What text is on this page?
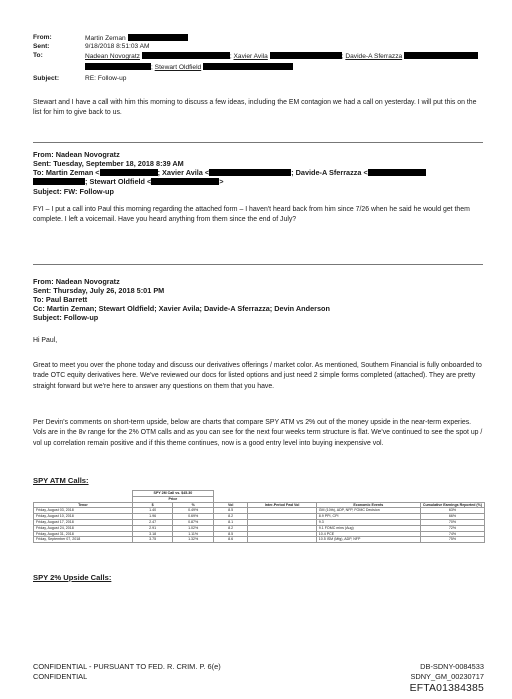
From:	Martin Zeman
Sent:	9/18/2018 8:51:03 AM
To:	Nadean Novogratz	; Xavier Avila	; Davide-A Sferrazza
; Stewart Oldfield
Subject:	RE: Follow-up
Stewart and I have a call with him this morning to discuss a few ideas, including the EM contagion we had a call on yesterday. I will put this on the list for him to give back to us.
From: Nadean Novogratz
Sent: Tuesday, September 18, 2018 8:39 AM
To: Martin Zeman <	; Xavier Avila <	; Davide-A Sferrazza <
; Stewart Oldfield <	>
Subject: FW: Follow-up
FYI – I put a call into Paul this morning regarding the attached form – I haven't heard back from him since 7/26 when he said he would get them complete. I left a voicemail. Have you heard anything from them since the end of July?
From: Nadean Novogratz
Sent: Thursday, July 26, 2018 5:01 PM
To: Paul Barrett
Cc: Martin Zeman; Stewart Oldfield; Xavier Avila; Davide-A Sferrazza; Devin Anderson
Subject: Follow-up
Hi Paul,
Great to meet you over the phone today and discuss our derivatives offerings / market color. As mentioned, Southern Financial is fully onboarded to trade OTC equity derivatives here. We've reviewed our docs for listed options and just need 2 simple forms completed (attached). They are pretty straight forward but we're here to answer any questions on them that you have.
Per Devin's comments on short-term upside, below are charts that compare SPY ATM vs 2% out of the money upside in the near-term experies. Vols are in the 8v range for the 2% OTM calls and as you can see for the next four weeks term structure is flat. We've continued to see the spot up / vol up correlation remain positive and if this theme continues, now is a good entry level into buying inexpensive vol.
SPY ATM Calls:
	SPY 2M Call vs. $45.30					
	Price					
Tenor	$	%	Vol	Inter-Period Fwd Vol	Economic Events	Cumulative Earnings Reported (%)
Friday, August 03, 2018	1.40	0.49%	8.5		GM (10th), ADP, NFP, FOMC Decision	63%
Friday, August 10, 2018	1.96	0.69%	8.2		8.9 PPI, CPI	66%
Friday, August 17, 2018	2.47	0.87%	8.1		9.3	70%
Friday, August 24, 2018	2.91	1.02%	8.2		9.1 FOMC mins (Aug)	72%
Friday, August 31, 2018	3.18	1.11%	8.5		10.4 PCE	74%
Friday, September 07, 2018	3.75	1.32%	8.6		10.5 ISM (Mfg), ADP, NFP	75%
SPY 2% Upside Calls:
CONFIDENTIAL - PURSUANT TO FED. R. CRIM. P. 6(e)
CONFIDENTIAL
DB-SDNY-0084533
SDNY_GM_00230717
EFTA01384385
